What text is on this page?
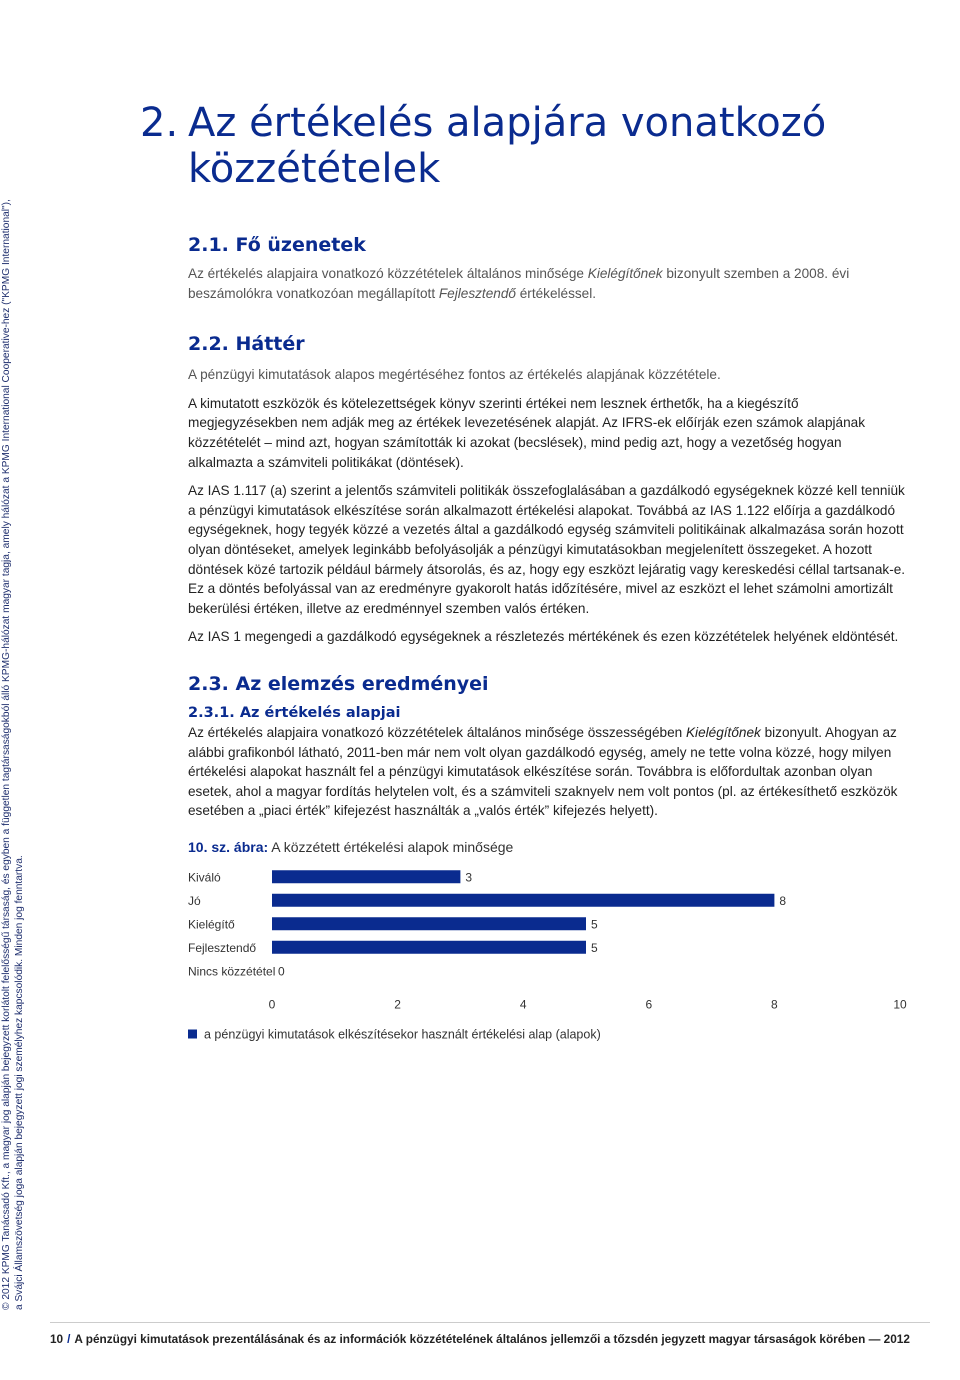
© 2012 KPMG Tanácsadó Kft., a magyar jog alapján bejegyzett korlátolt felelősségű társaság, és egyben a független tagtársaságokból álló KPMG-hálózat magyar tagja, amely hálózat a KPMG International Cooperative-hez ("KPMG International"), a Svájci Államszövetség joga alapján bejegyzett jogi személyhez kapcsolódik. Minden jog fenntartva.
2. Az értékelés alapjára vonatkozó
közzétételek
2.1. Fő üzenetek

Az értékelés alapjaira vonatkozó közzétételek általános minősége Kielégítőnek bizonyult szemben a 2008. évi beszámolókra vonatkozóan megállapított Fejlesztendő értékeléssel.

2.2. Háttér

A pénzügyi kimutatások alapos megértéséhez fontos az értékelés alapjának közzététele.

A kimutatott eszközök és kötelezettségek könyv szerinti értékei nem lesznek érthetők, ha a kiegészítő megjegyzésekben nem adják meg az értékek levezetésének alapját. Az IFRS-ek előírják ezen számok alapjának közzétételét – mind azt, hogyan számították ki azokat (becslések), mind pedig azt, hogy a vezetőség hogyan alkalmazta a számviteli politikákat (döntések).

Az IAS 1.117 (a) szerint a jelentős számviteli politikák összefoglalásában a gazdálkodó egységeknek közzé kell tenniük a pénzügyi kimutatások elkészítése során alkalmazott értékelési alapokat. Továbbá az IAS 1.122 előírja a gazdálkodó egységeknek, hogy tegyék közzé a vezetés által a gazdálkodó egység számviteli politikáinak alkalmazása során hozott olyan döntéseket, amelyek leginkább befolyásolják a pénzügyi kimutatásokban megjelenített összegeket. A hozott döntések közé tartozik például bármely átsorolás, és az, hogy egy eszközt lejáratig vagy kereskedési céllal tartsanak-e. Ez a döntés befolyással van az eredményre gyakorolt hatás időzítésére, mivel az eszközt el lehet számolni amortizált bekerülési értéken, illetve az eredménnyel szemben valós értéken.

Az IAS 1 megengedi a gazdálkodó egységeknek a részletezés mértékének és ezen közzétételek helyének eldöntését.

2.3. Az elemzés eredményei
2.3.1. Az értékelés alapjai

Az értékelés alapjaira vonatkozó közzétételek általános minősége összességében Kielégítőnek bizonyult. Ahogyan az alábbi grafikonból látható, 2011-ben már nem volt olyan gazdálkodó egység, amely ne tette volna közzé, hogy milyen értékelési alapokat használt fel a pénzügyi kimutatások elkészítése során. Továbbra is előfordultak azonban olyan esetek, ahol a magyar fordítás helytelen volt, és a számviteli szaknyelv nem volt pontos (pl. az értékesíthető eszközök esetében a „piaci érték” kifejezést használták a „valós érték” kifejezés helyett).

10. sz. ábra: A közzétett értékelési alapok minősége

Kiváló
Jó
Kielégítő
Fejlesztendő
Nincs közzététel
3
8
5
5
0
0	2	4	6	8	10
a pénzügyi kimutatások elkészítésekor használt értékelési alap (alapok)
10 / A pénzügyi kimutatások prezentálásának és az információk közzétételének általános jellemzői a tőzsdén jegyzett magyar társaságok körében — 2012
